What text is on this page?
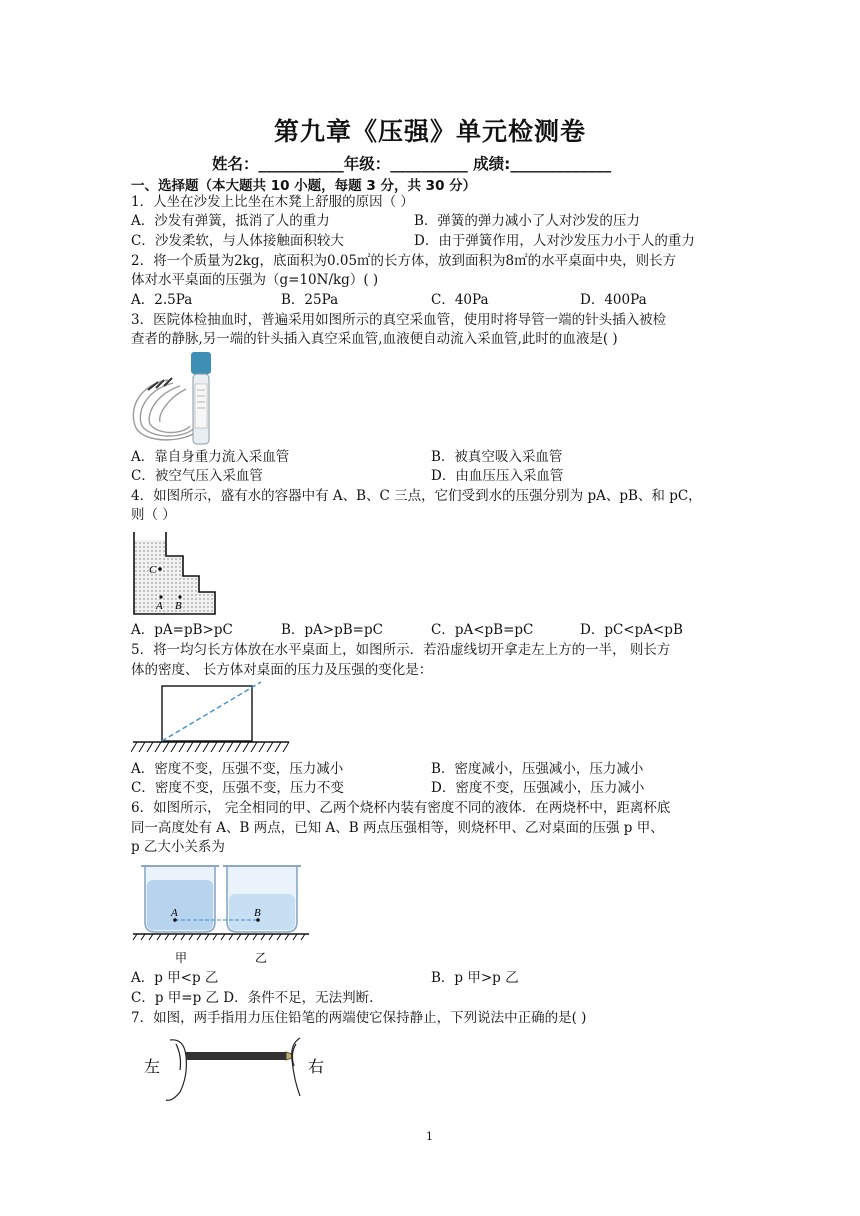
第九章《压强》单元检测卷
姓名：___________年级：__________ 成绩:_____________
一、选择题（本大题共 10 小题，每题 3 分，共 30 分）
1．人坐在沙发上比坐在木凳上舒服的原因（ ）
A．沙发有弹簧，抵消了人的重力	B．弹簧的弹力减小了人对沙发的压力
C．沙发柔软，与人体接触面积较大	D．由于弹簧作用，人对沙发压力小于人的重力
2．将一个质量为2kg，底面积为0.05㎡的长方体，放到面积为8㎡的水平桌面中央，则长方
体对水平桌面的压强为（g=10N/kg）( )
A．2.5Pa	B．25Pa	C．40Pa	D．400Pa
3．医院体检抽血时，普遍采用如图所示的真空采血管，使用时将导管一端的针头插入被检
查者的静脉,另一端的针头插入真空采血管,血液便自动流入采血管,此时的血液是( )
A．靠自身重力流入采血管	B．被真空吸入采血管
C．被空气压入采血管	D．由血压压入采血管
4．如图所示，盛有水的容器中有 A、B、C 三点，它们受到水的压强分别为 pA、pB、和 pC，
则（ ）
C
A B
A．pA=pB>pC	B．pA>pB=pC	C．pA<pB=pC	D．pC<pA<pB
5．将一均匀长方体放在水平桌面上，如图所示．若沿虚线切开拿走左上方的一半， 则长方
体的密度、 长方体对桌面的压力及压强的变化是：
A．密度不变，压强不变，压力减小	B．密度减小，压强减小，压力减小
C．密度不变，压强不变，压力不变	D．密度不变，压强减小，压力减小
6．如图所示， 完全相同的甲、乙两个烧杯内装有密度不同的液体．在两烧杯中，距离杯底
同一高度处有 A、B 两点，已知 A、B 两点压强相等，则烧杯甲、乙对桌面的压强 p 甲、
p 乙大小关系为
A	B
甲	乙
A．p 甲<p 乙	B．p 甲>p 乙
C．p 甲=p 乙 D．条件不足，无法判断.
7．如图，两手指用力压住铅笔的两端使它保持静止，下列说法中正确的是( )
左	右
1
